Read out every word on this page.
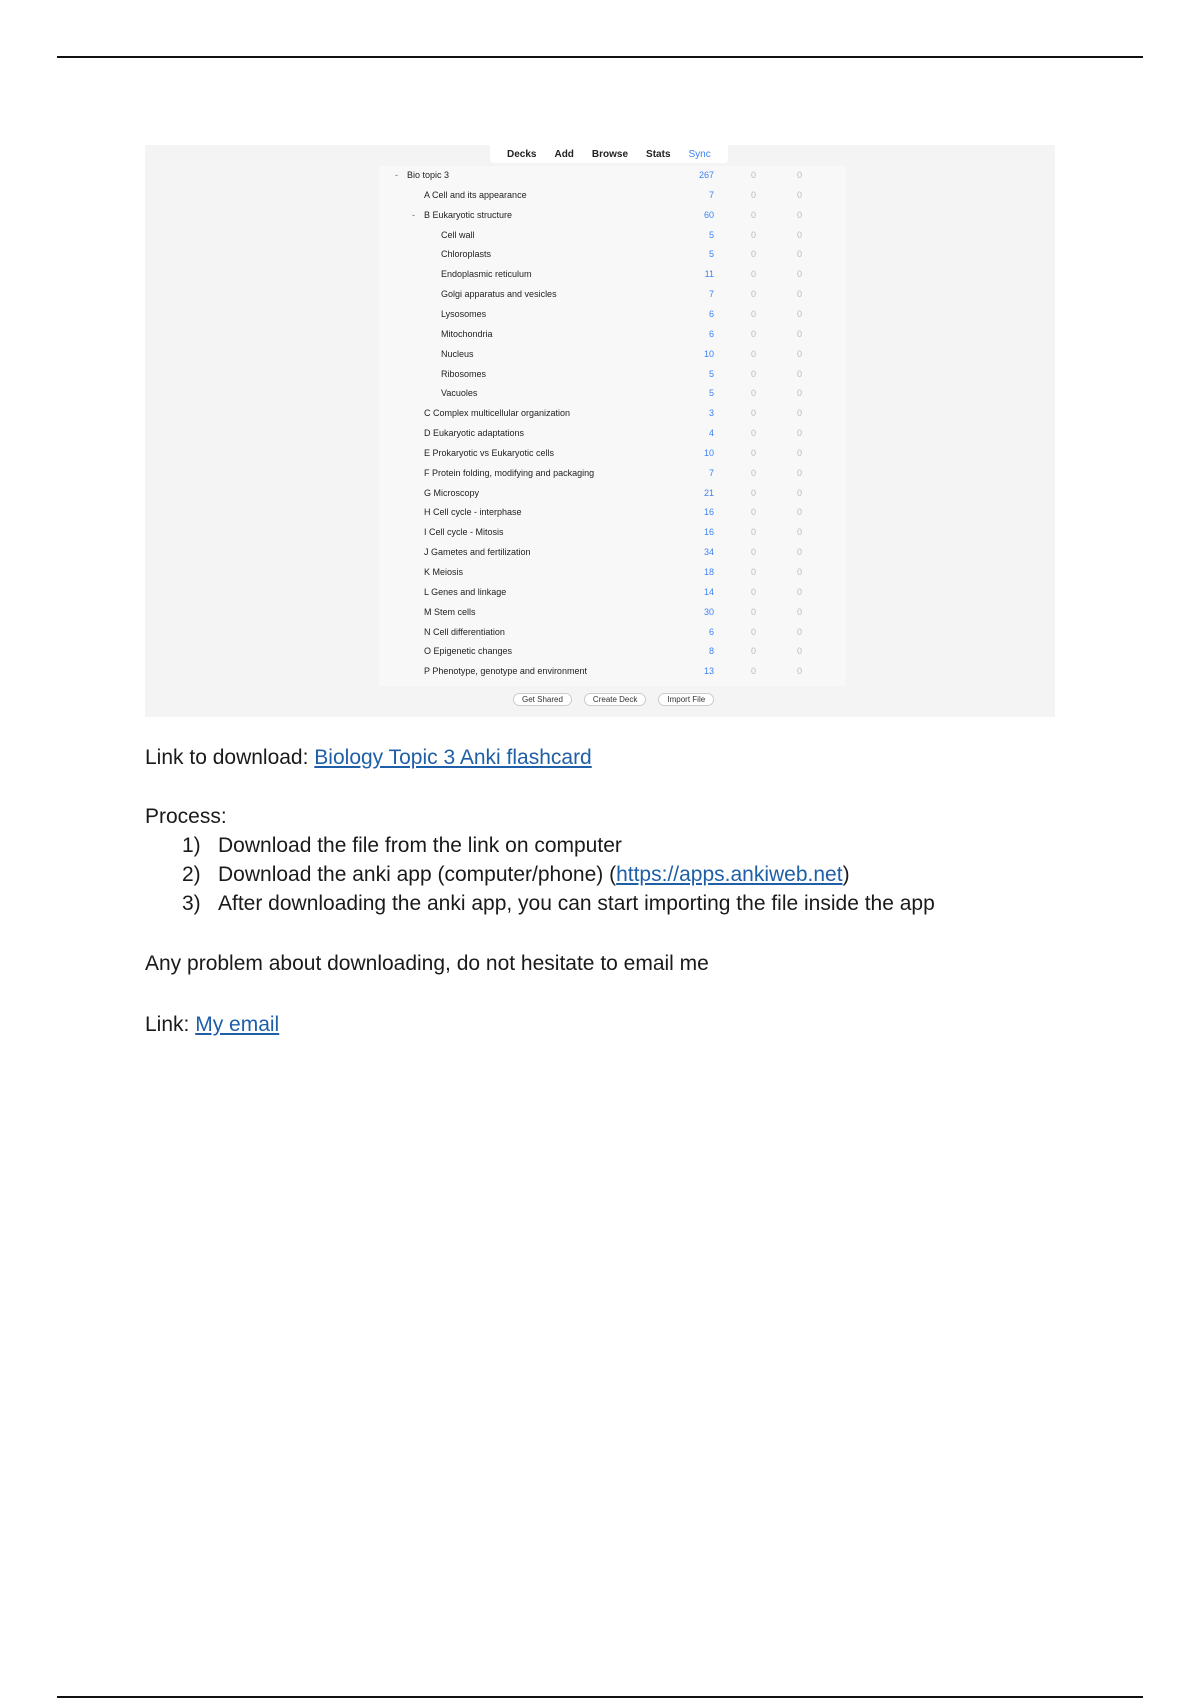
Decks Add Browse Stats Sync
- Bio topic 3	267	0	0
A Cell and its appearance	7	0	0
- B Eukaryotic structure	60	0	0
Cell wall	5	0	0
Chloroplasts	5	0	0
Endoplasmic reticulum	11	0	0
Golgi apparatus and vesicles	7	0	0
Lysosomes	6	0	0
Mitochondria	6	0	0
Nucleus	10	0	0
Ribosomes	5	0	0
Vacuoles	5	0	0
C Complex multicellular organization	3	0	0
D Eukaryotic adaptations	4	0	0
E Prokaryotic vs Eukaryotic cells	10	0	0
F Protein folding, modifying and packaging	7	0	0
G Microscopy	21	0	0
H Cell cycle - interphase	16	0	0
I Cell cycle - Mitosis	16	0	0
J Gametes and fertilization	34	0	0
K Meiosis	18	0	0
L Genes and linkage	14	0	0
M Stem cells	30	0	0
N Cell differentiation	6	0	0
O Epigenetic changes	8	0	0
P Phenotype, genotype and environment	13	0	0
Get Shared	Create Deck	Import File
Link to download: Biology Topic 3 Anki flashcard
Process:
1) Download the file from the link on computer
2) Download the anki app (computer/phone) (https://apps.ankiweb.net)
3) After downloading the anki app, you can start importing the file inside the app
Any problem about downloading, do not hesitate to email me
Link: My email
